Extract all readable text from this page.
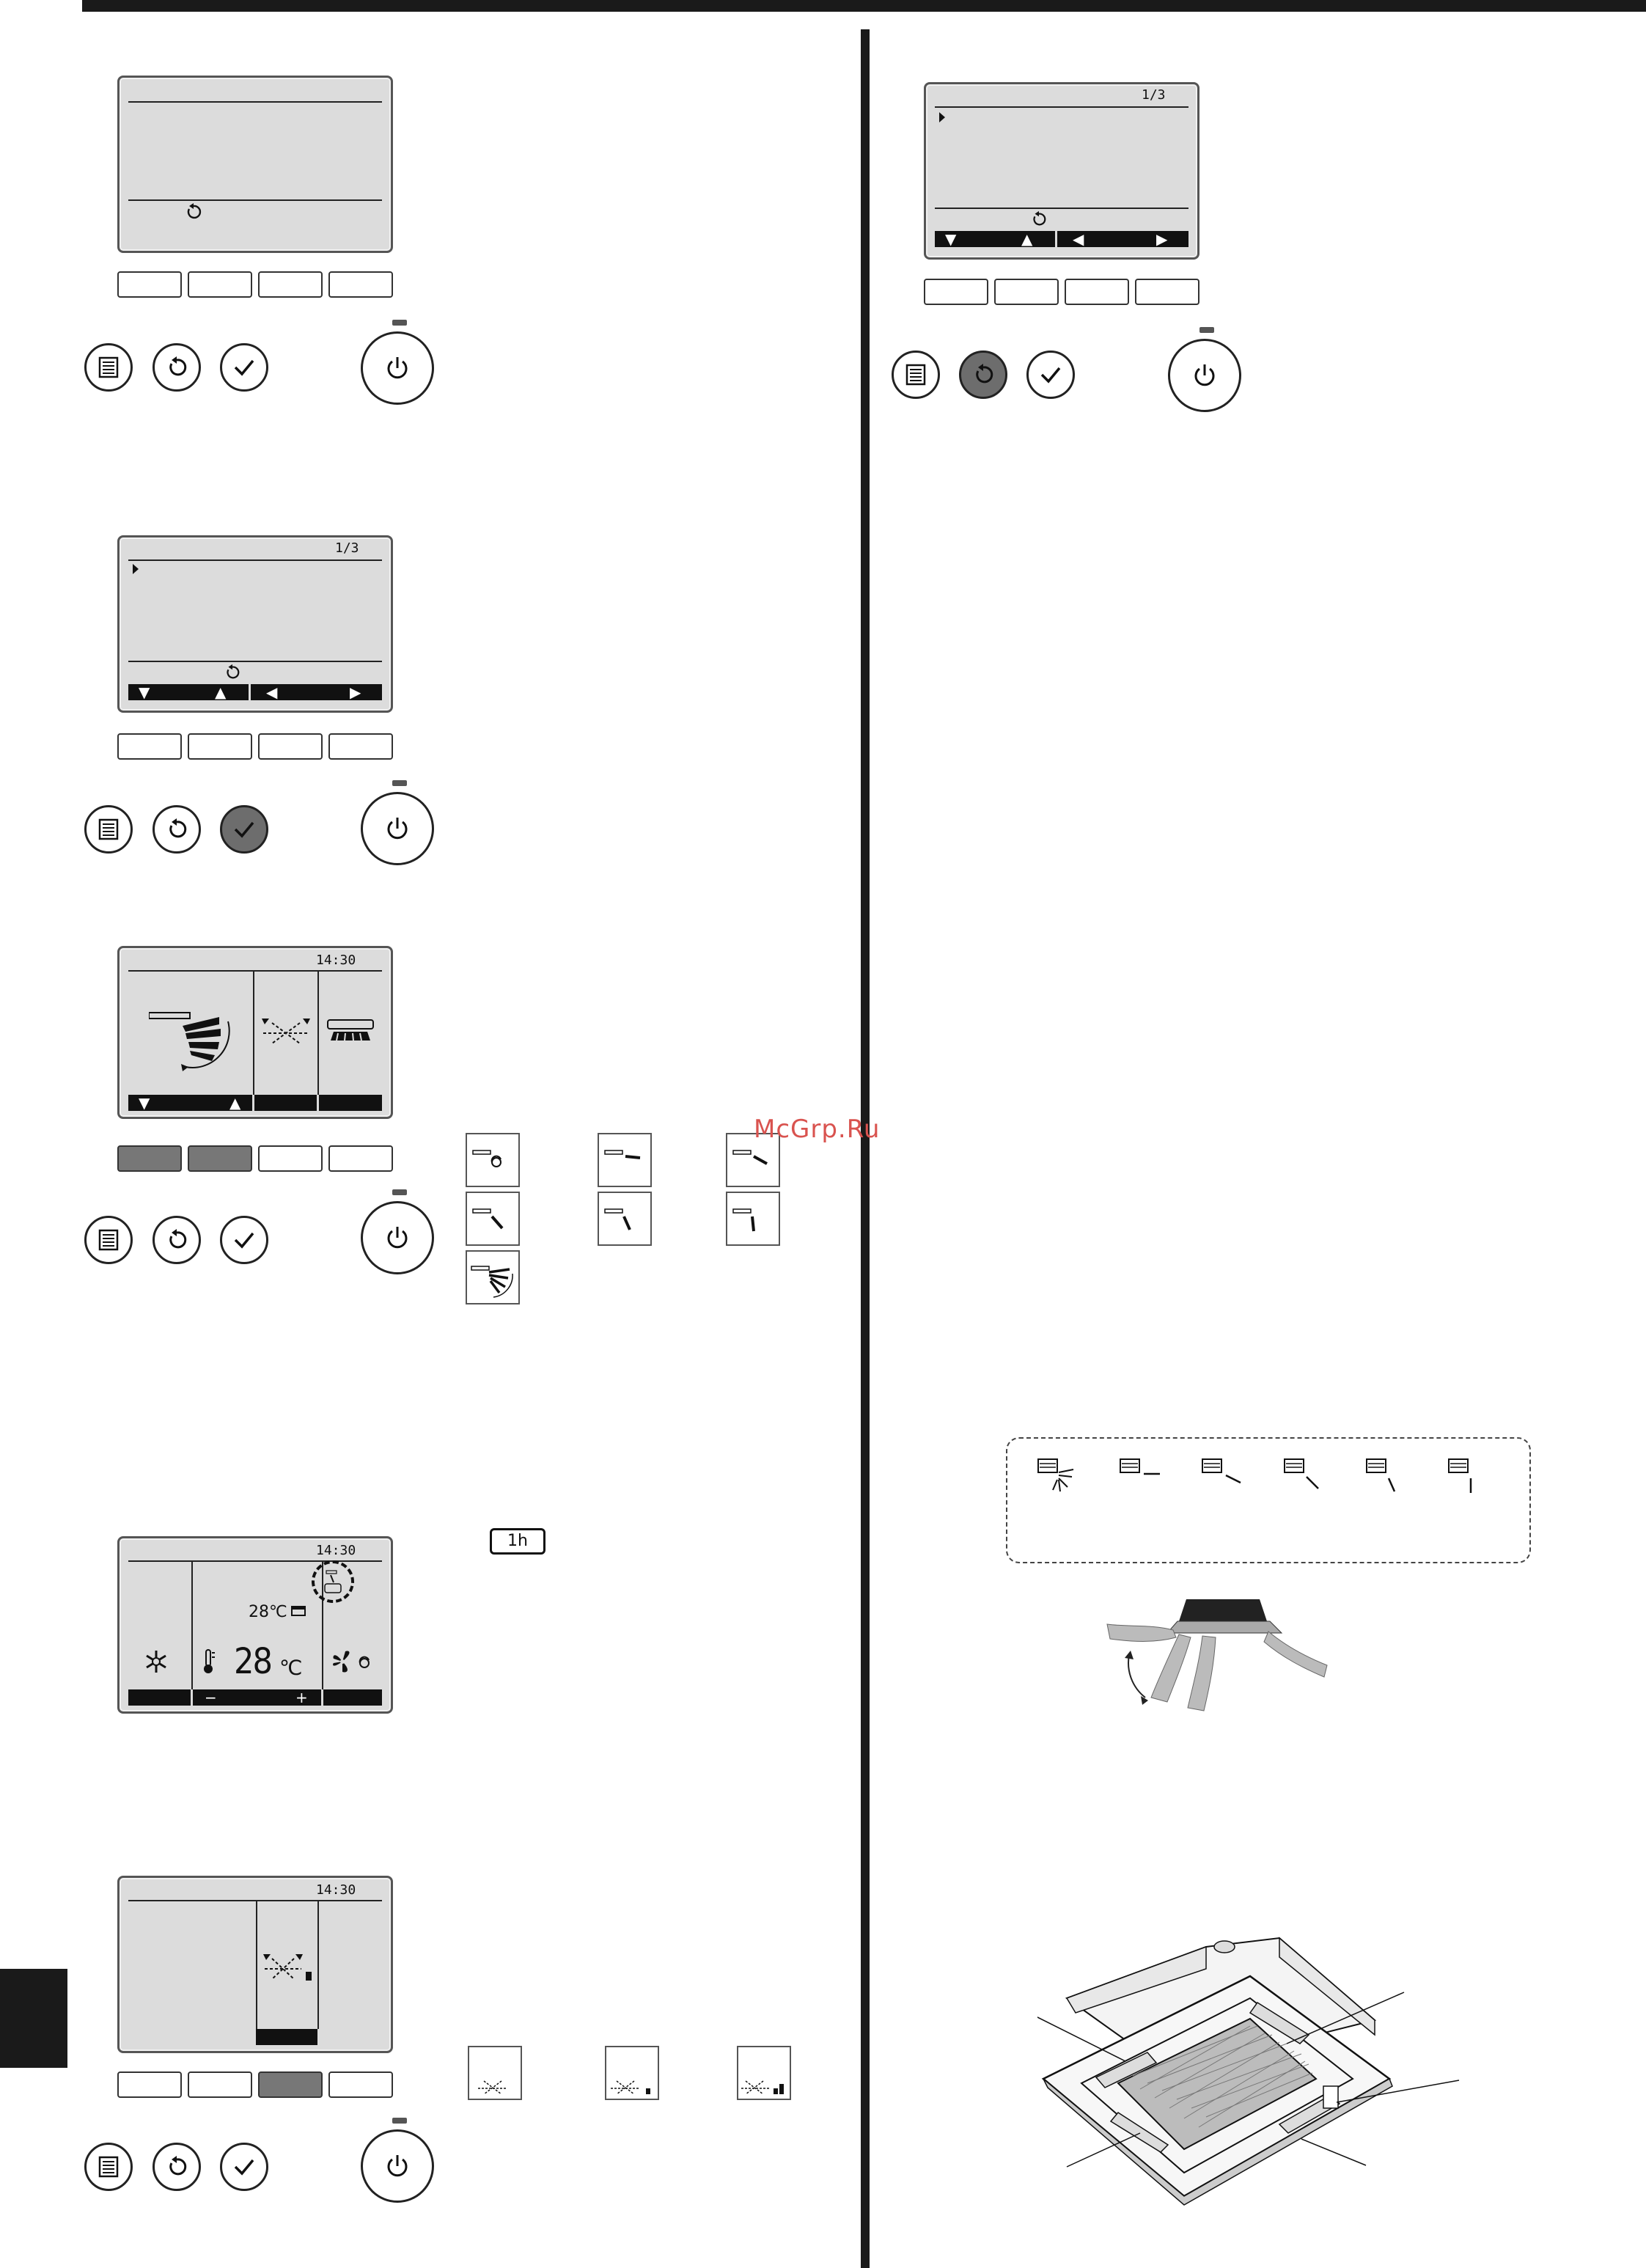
1/3
▼	▲	◀	▶
14:30
▼	▲
14:30
28℃
28 ℃
−	+
1h
14:30
1/3
▼	▲	◀	▶
McGrp.Ru
